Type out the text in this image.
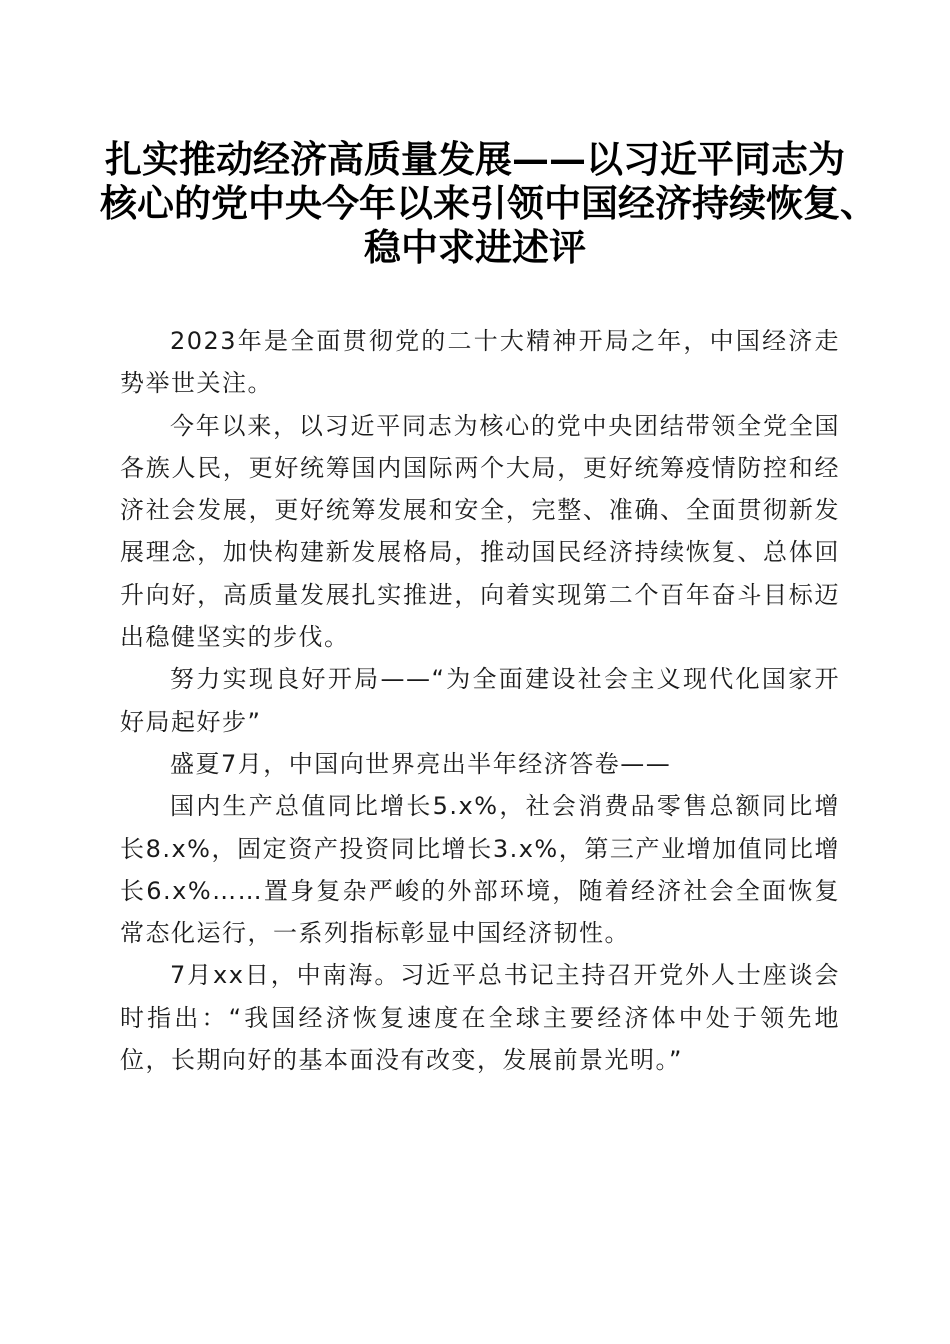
扎实推动经济高质量发展——以习近平同志为
核心的党中央今年以来引领中国经济持续恢复、
稳中求进述评

2023年是全面贯彻党的二十大精神开局之年，中国经济走势举世关注。

今年以来，以习近平同志为核心的党中央团结带领全党全国各族人民，更好统筹国内国际两个大局，更好统筹疫情防控和经济社会发展，更好统筹发展和安全，完整、准确、全面贯彻新发展理念，加快构建新发展格局，推动国民经济持续恢复、总体回升向好，高质量发展扎实推进，向着实现第二个百年奋斗目标迈出稳健坚实的步伐。

努力实现良好开局——“为全面建设社会主义现代化国家开好局起好步”

盛夏7月，中国向世界亮出半年经济答卷——

国内生产总值同比增长5.x%，社会消费品零售总额同比增长8.x%，固定资产投资同比增长3.x%，第三产业增加值同比增长6.x%……置身复杂严峻的外部环境，随着经济社会全面恢复常态化运行，一系列指标彰显中国经济韧性。

7月xx日，中南海。习近平总书记主持召开党外人士座谈会时指出：“我国经济恢复速度在全球主要经济体中处于领先地位，长期向好的基本面没有改变，发展前景光明。”
